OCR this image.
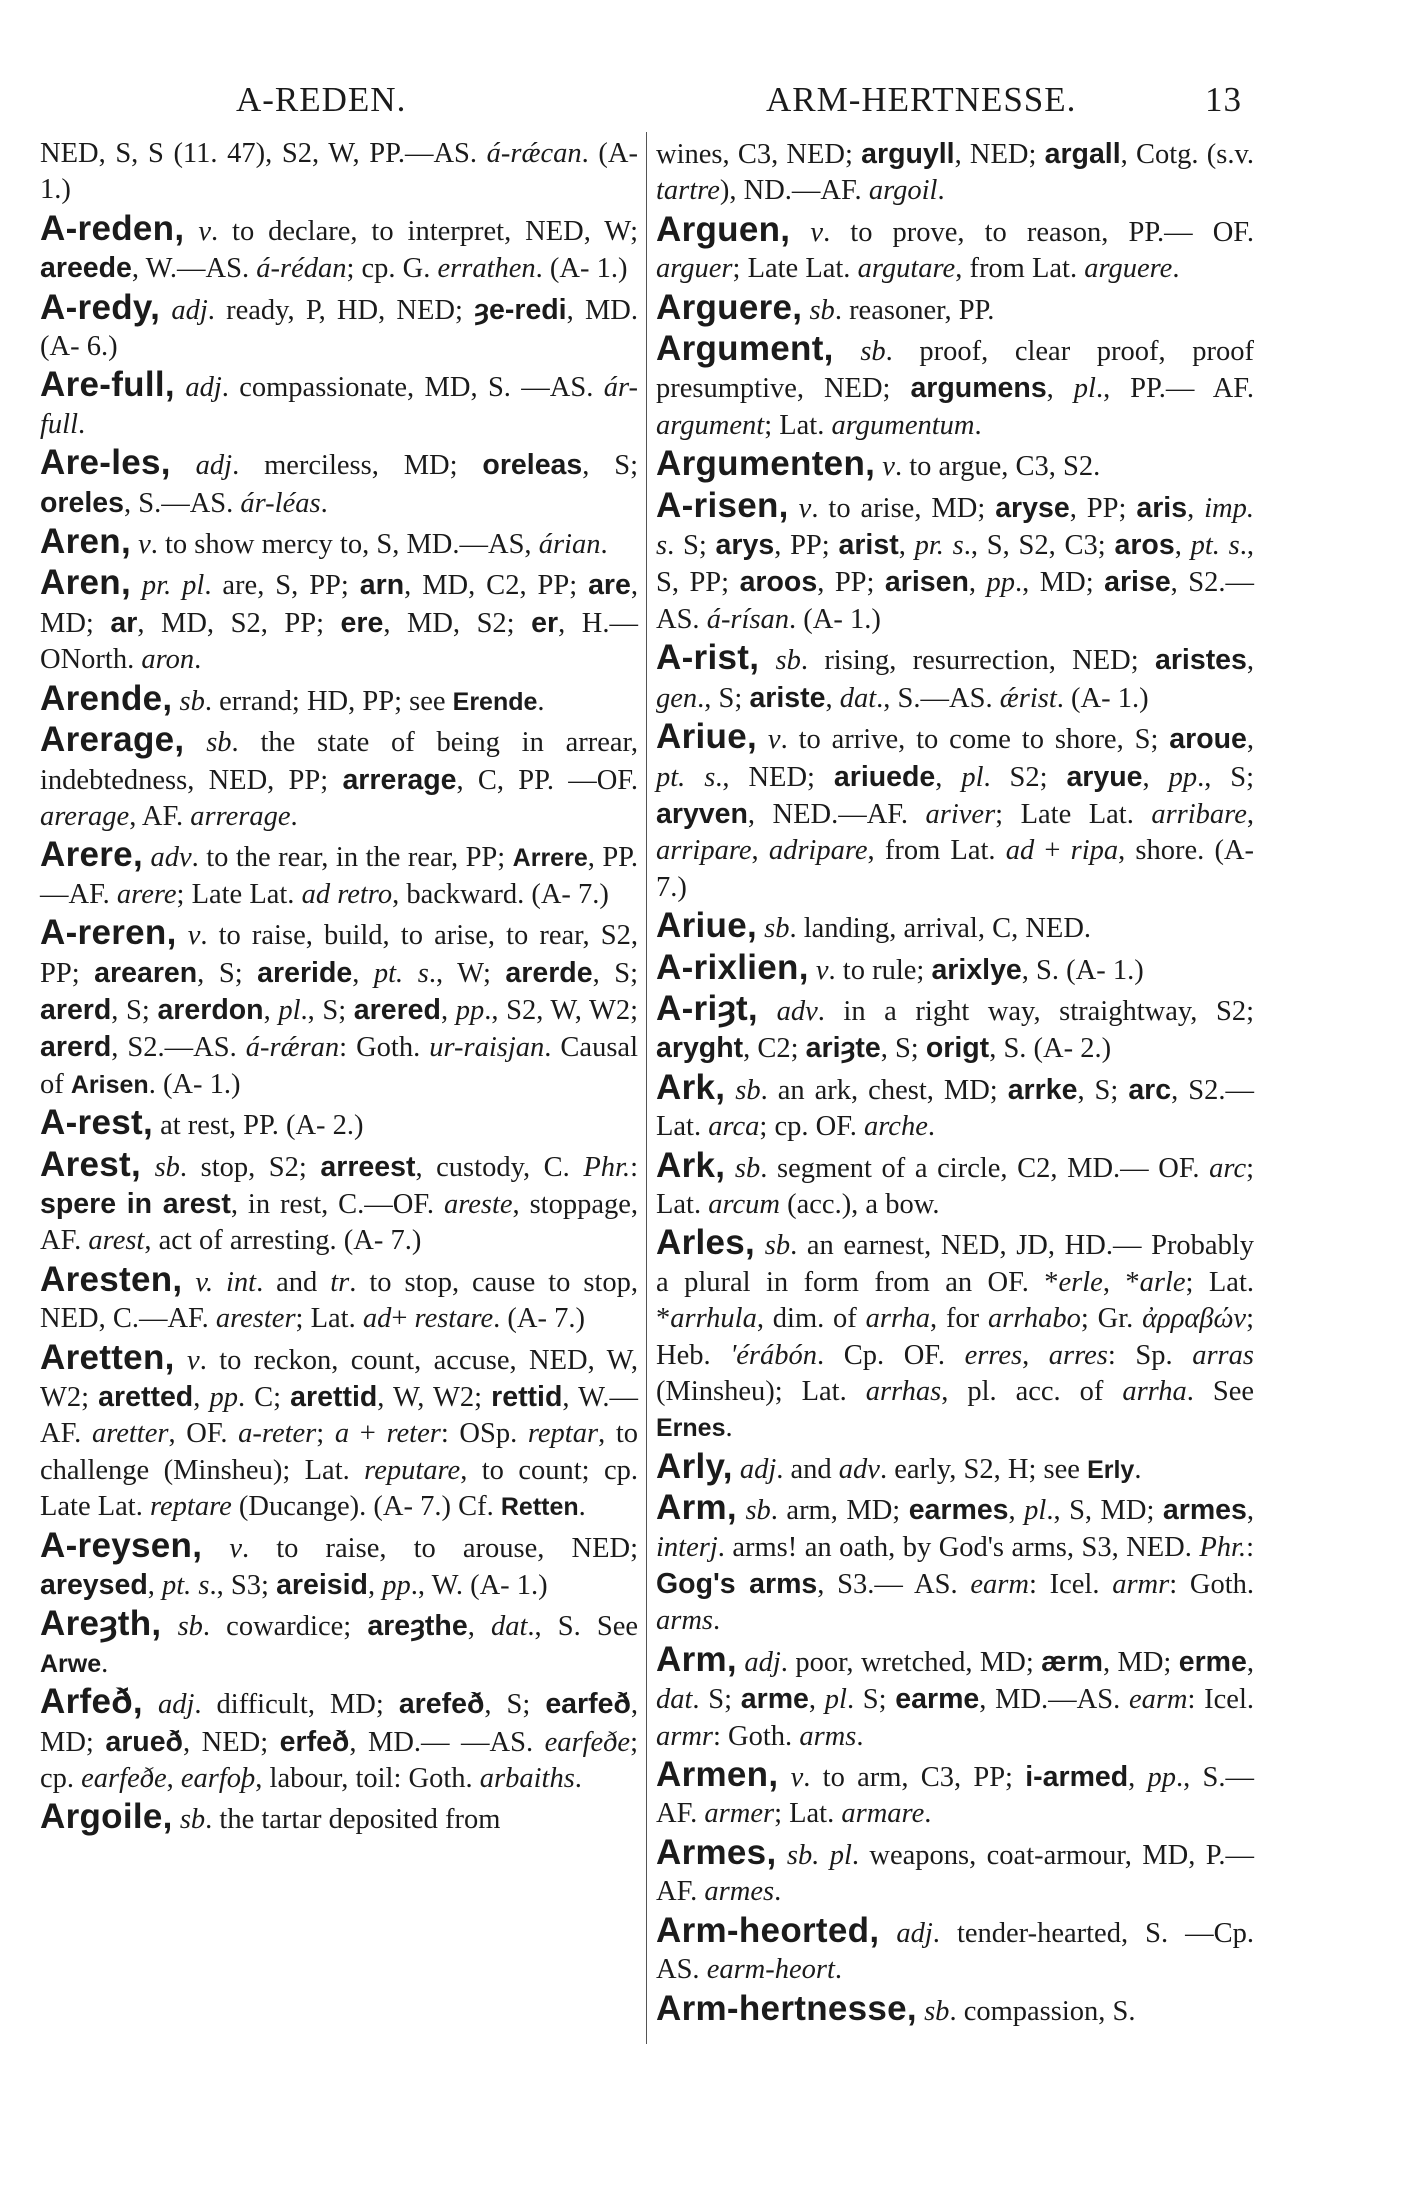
A-REDEN.	ARM-HERTNESSE.	13

NED, S, S (11. 47), S2, W, PP.—AS. á-rǽcan. (A- 1.)

A-reden, v. to declare, to interpret, NED, W; areede, W.—AS. á-rédan; cp. G. errathen. (A- 1.)

A-redy, adj. ready, P, HD, NED; ȝe-redi, MD. (A- 6.)

Are-full, adj. compassionate, MD, S. —AS. ár-full.

Are-les, adj. merciless, MD; oreleas, S; oreles, S.—AS. ár-léas.

Aren, v. to show mercy to, S, MD.—AS, árian.

Aren, pr. pl. are, S, PP; arn, MD, C2, PP; are, MD; ar, MD, S2, PP; ere, MD, S2; er, H.—ONorth. aron.

Arende, sb. errand; HD, PP; see Erende.

Arerage, sb. the state of being in arrear, indebtedness, NED, PP; arrerage, C, PP. —OF. arerage, AF. arrerage.

Arere, adv. to the rear, in the rear, PP; Arrere, PP.—AF. arere; Late Lat. ad retro, backward. (A- 7.)

A-reren, v. to raise, build, to arise, to rear, S2, PP; arearen, S; areride, pt. s., W; arerde, S; arerd, S; arerdon, pl., S; arered, pp., S2, W, W2; arerd, S2.—AS. á-rǽran: Goth. ur-raisjan. Causal of Arisen. (A- 1.)

A-rest, at rest, PP. (A- 2.)

Arest, sb. stop, S2; arreest, custody, C. Phr.: spere in arest, in rest, C.—OF. areste, stoppage, AF. arest, act of arresting. (A- 7.)

Aresten, v. int. and tr. to stop, cause to stop, NED, C.—AF. arester; Lat. ad+ restare. (A- 7.)

Aretten, v. to reckon, count, accuse, NED, W, W2; aretted, pp. C; arettid, W, W2; rettid, W.—AF. aretter, OF. a-reter; a + reter: OSp. reptar, to challenge (Minsheu); Lat. reputare, to count; cp. Late Lat. reptare (Ducange). (A- 7.) Cf. Retten.

A-reysen, v. to raise, to arouse, NED; areysed, pt. s., S3; areisid, pp., W. (A- 1.)

Areȝth, sb. cowardice; areȝthe, dat., S. See Arwe.

Arfeð, adj. difficult, MD; arefeð, S; earfeð, MD; arueð, NED; erfeð, MD.— —AS. earfeðe; cp. earfeðe, earfoþ, labour, toil: Goth. arbaiths.

Argoile, sb. the tartar deposited from

wines, C3, NED; arguyll, NED; argall, Cotg. (s.v. tartre), ND.—AF. argoil.

Arguen, v. to prove, to reason, PP.— OF. arguer; Late Lat. argutare, from Lat. arguere.

Arguere, sb. reasoner, PP.

Argument, sb. proof, clear proof, proof presumptive, NED; argumens, pl., PP.— AF. argument; Lat. argumentum.

Argumenten, v. to argue, C3, S2.

A-risen, v. to arise, MD; aryse, PP; aris, imp. s. S; arys, PP; arist, pr. s., S, S2, C3; aros, pt. s., S, PP; aroos, PP; arisen, pp., MD; arise, S2.—AS. á-rísan. (A- 1.)

A-rist, sb. rising, resurrection, NED; aristes, gen., S; ariste, dat., S.—AS. ǽrist. (A- 1.)

Ariue, v. to arrive, to come to shore, S; aroue, pt. s., NED; ariuede, pl. S2; aryue, pp., S; aryven, NED.—AF. ariver; Late Lat. arribare, arripare, adripare, from Lat. ad + ripa, shore. (A- 7.)

Ariue, sb. landing, arrival, C, NED.

A-rixlien, v. to rule; arixlye, S. (A- 1.)

A-riȝt, adv. in a right way, straightway, S2; aryght, C2; ariȝte, S; origt, S. (A- 2.)

Ark, sb. an ark, chest, MD; arrke, S; arc, S2.—Lat. arca; cp. OF. arche.

Ark, sb. segment of a circle, C2, MD.— OF. arc; Lat. arcum (acc.), a bow.

Arles, sb. an earnest, NED, JD, HD.— Probably a plural in form from an OF. *erle, *arle; Lat. *arrhula, dim. of arrha, for arrhabo; Gr. ἀρραβών; Heb. 'érábón. Cp. OF. erres, arres: Sp. arras (Minsheu); Lat. arrhas, pl. acc. of arrha. See Ernes.

Arly, adj. and adv. early, S2, H; see Erly.

Arm, sb. arm, MD; earmes, pl., S, MD; armes, interj. arms! an oath, by God's arms, S3, NED. Phr.: Gog's arms, S3.— AS. earm: Icel. armr: Goth. arms.

Arm, adj. poor, wretched, MD; ærm, MD; erme, dat. S; arme, pl. S; earme, MD.—AS. earm: Icel. armr: Goth. arms.

Armen, v. to arm, C3, PP; i-armed, pp., S.—AF. armer; Lat. armare.

Armes, sb. pl. weapons, coat-armour, MD, P.—AF. armes.

Arm-heorted, adj. tender-hearted, S. —Cp. AS. earm-heort.

Arm-hertnesse, sb. compassion, S.
